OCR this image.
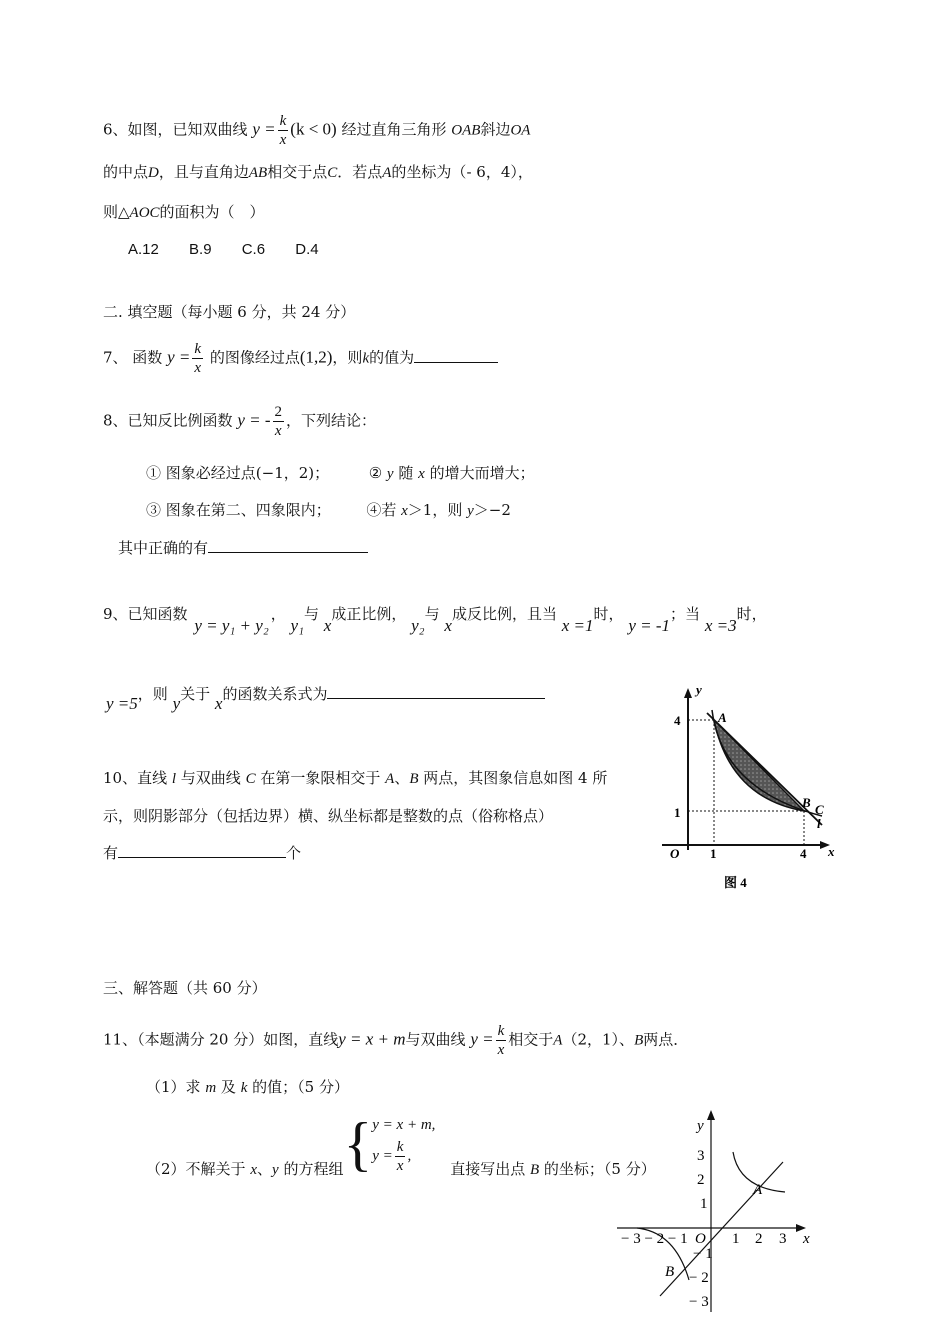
6、如图，已知双曲线 $y = \frac{k}{x} (k < 0)$ 经过直角三角形 OAB斜边OA
的中点D，且与直角边AB相交于点C．若点A的坐标为（- 6，4），
则△AOC的面积为（　）
A.12 B.9 C.6 D.4
二. 填空题（每小题 6 分，共 24 分）
7、 函数 $y = \frac{k}{x}$ 的图像经过点(1,2)，则k的值为
8、已知反比例函数 y = - $\frac{2}{x}$ ，下列结论：
① 图象必经过点(−1，2)；	② y 随 x 的增大而增大；
③ 图象在第二、四象限内； ④若 x＞1，则 y＞−2
其中正确的有
9、已知函数 y = y₁ + y₂， y₁与 x成正比例， y₂与 x成反比例，且当 x =1时， y = -1；当 x =3时，
y =5，则 y关于 x的函数关系式为
10、直线 l 与双曲线 C 在第一象限相交于 A、B 两点，其图象信息如图 4 所
示，则阴影部分（包括边界）横、纵坐标都是整数的点（俗称格点）
有	个
y
4
1
O 1	4 x
A
B C
l
图 4
三、解答题（共 60 分）
11、（本题满分 20 分）如图，直线y = x + m与双曲线 $y = \frac{k}{x}$ 相交于A（2，1）、B两点．
（1）求 m 及 k 的值；（5 分）
（2）不解关于 x、y 的方程组{ y = x + m,
$y = \frac{k}{x}$ ,
直接写出点 B 的坐标；（5 分）
y
3
2
1
− 3 − 2 − 1 O 1 2 3 x
− 1
− 2
− 3
A
B
